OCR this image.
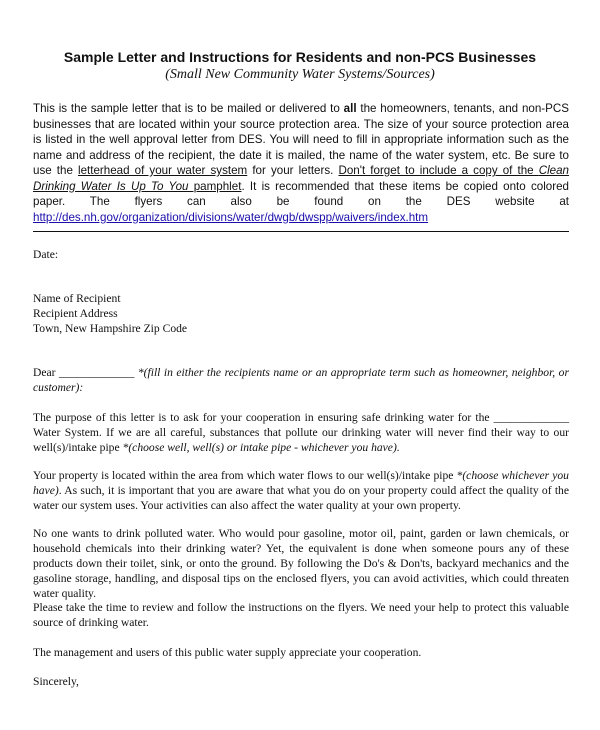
Sample Letter and Instructions for Residents and non-PCS Businesses
(Small New Community Water Systems/Sources)
This is the sample letter that is to be mailed or delivered to all the homeowners, tenants, and non-PCS businesses that are located within your source protection area. The size of your source protection area is listed in the well approval letter from DES. You will need to fill in appropriate information such as the name and address of the recipient, the date it is mailed, the name of the water system, etc. Be sure to use the letterhead of your water system for your letters. Don't forget to include a copy of the Clean Drinking Water Is Up To You pamphlet. It is recommended that these items be copied onto colored paper. The flyers can also be found on the DES website at http://des.nh.gov/organization/divisions/water/dwgb/dwspp/waivers/index.htm
Date:
Name of Recipient
Recipient Address
Town, New Hampshire Zip Code
Dear _____________ *(fill in either the recipients name or an appropriate term such as homeowner, neighbor, or customer):
The purpose of this letter is to ask for your cooperation in ensuring safe drinking water for the _____________ Water System. If we are all careful, substances that pollute our drinking water will never find their way to our well(s)/intake pipe *(choose well, well(s) or intake pipe - whichever you have).
Your property is located within the area from which water flows to our well(s)/intake pipe *(choose whichever you have). As such, it is important that you are aware that what you do on your property could affect the quality of the water our system uses. Your activities can also affect the water quality at your own property.
No one wants to drink polluted water. Who would pour gasoline, motor oil, paint, garden or lawn chemicals, or household chemicals into their drinking water? Yet, the equivalent is done when someone pours any of these products down their toilet, sink, or onto the ground. By following the Do's & Don'ts, backyard mechanics and the gasoline storage, handling, and disposal tips on the enclosed flyers, you can avoid activities, which could threaten water quality.
Please take the time to review and follow the instructions on the flyers. We need your help to protect this valuable source of drinking water.
The management and users of this public water supply appreciate your cooperation.
Sincerely,
